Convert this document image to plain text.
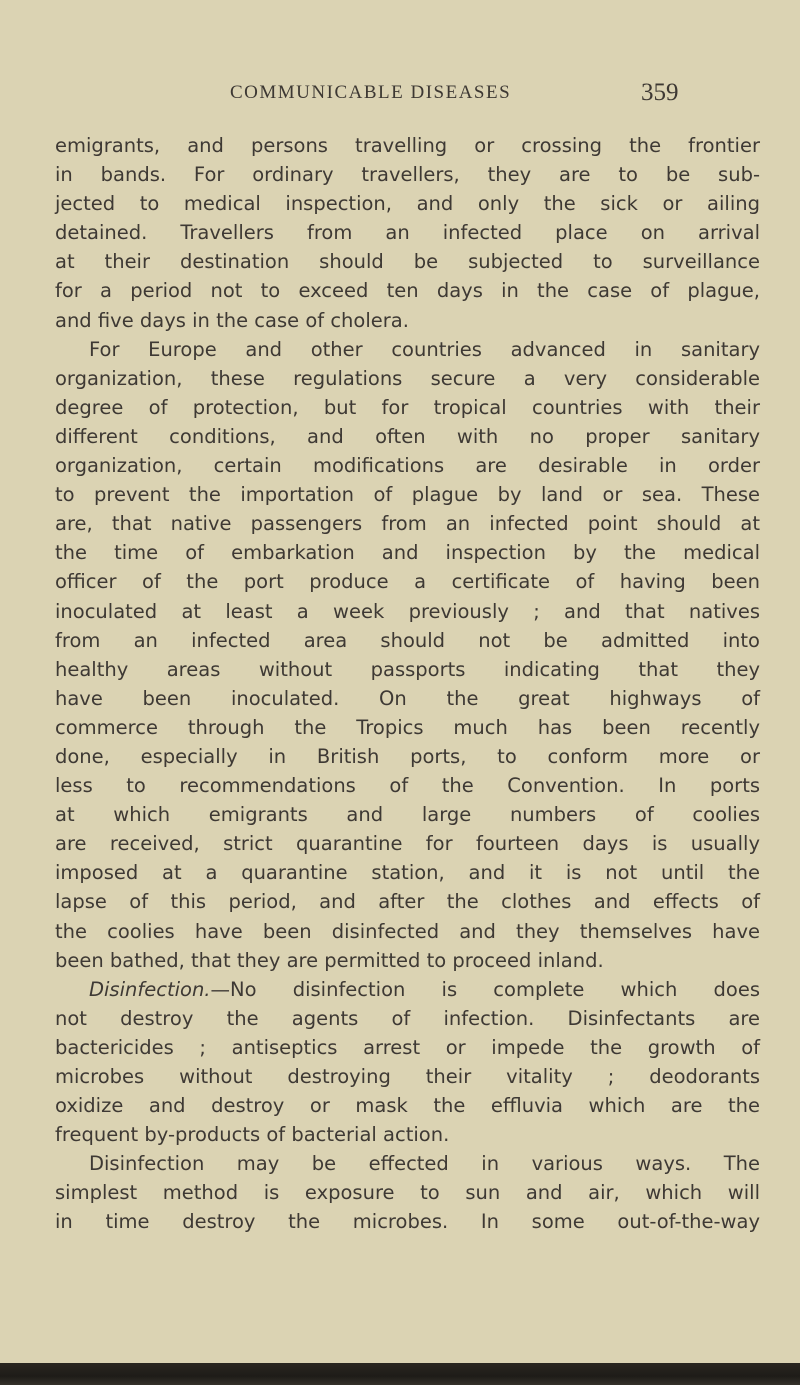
COMMUNICABLE DISEASES	359
emigrants, and persons travelling or crossing the frontier
in bands. For ordinary travellers, they are to be sub-
jected to medical inspection, and only the sick or ailing
detained. Travellers from an infected place on arrival
at their destination should be subjected to surveillance
for a period not to exceed ten days in the case of plague,
and five days in the case of cholera.
For Europe and other countries advanced in sanitary
organization, these regulations secure a very considerable
degree of protection, but for tropical countries with their
different conditions, and often with no proper sanitary
organization, certain modifications are desirable in order
to prevent the importation of plague by land or sea. These
are, that native passengers from an infected point should at
the time of embarkation and inspection by the medical
officer of the port produce a certificate of having been
inoculated at least a week previously ; and that natives
from an infected area should not be admitted into
healthy areas without passports indicating that they
have been inoculated. On the great highways of
commerce through the Tropics much has been recently
done, especially in British ports, to conform more or
less to recommendations of the Convention. In ports
at which emigrants and large numbers of coolies
are received, strict quarantine for fourteen days is usually
imposed at a quarantine station, and it is not until the
lapse of this period, and after the clothes and effects of
the coolies have been disinfected and they themselves have
been bathed, that they are permitted to proceed inland.
Disinfection.—No disinfection is complete which does
not destroy the agents of infection. Disinfectants are
bactericides ; antiseptics arrest or impede the growth of
microbes without destroying their vitality ; deodorants
oxidize and destroy or mask the effluvia which are the
frequent by-products of bacterial action.
Disinfection may be effected in various ways. The
simplest method is exposure to sun and air, which will
in time destroy the microbes. In some out-of-the-way
